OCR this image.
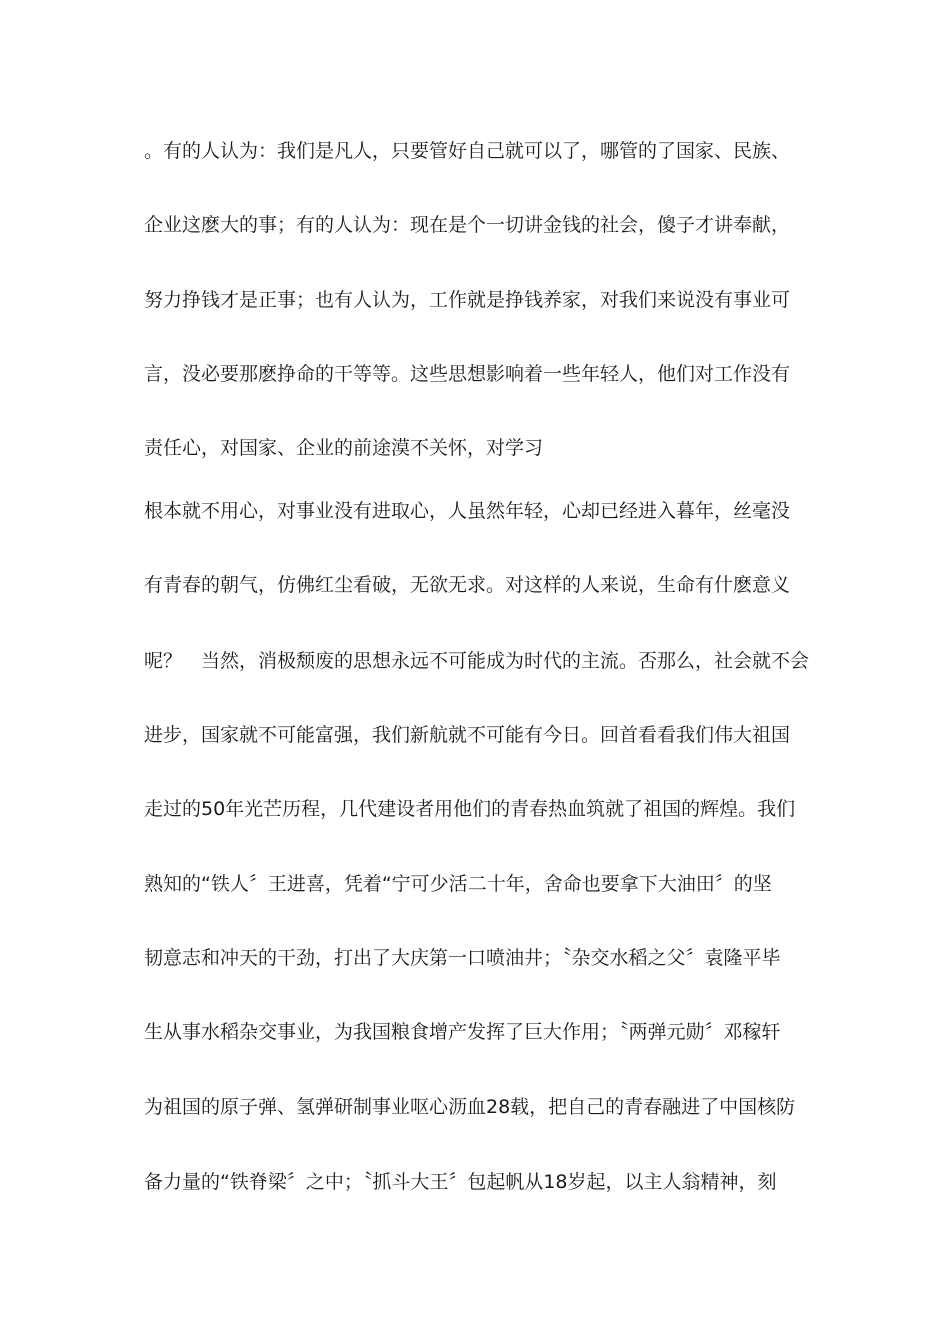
。有的人认为：我们是凡人，只要管好自己就可以了，哪管的了国家、民族、
企业这麽大的事；有的人认为：现在是个一切讲金钱的社会，傻子才讲奉献，
努力挣钱才是正事；也有人认为，工作就是挣钱养家，对我们来说没有事业可
言，没必要那麽挣命的干等等。这些思想影响着一些年轻人，他们对工作没有
责任心，对国家、企业的前途漠不关怀，对学习
根本就不用心，对事业没有进取心，人虽然年轻，心却已经进入暮年，丝毫没
有青春的朝气，仿佛红尘看破，无欲无求。对这样的人来说，生命有什麽意义
呢？　当然，消极颓废的思想永远不可能成为时代的主流。否那么，社会就不会
进步，国家就不可能富强，我们新航就不可能有今日。回首看看我们伟大祖国
走过的50年光芒历程，几代建设者用他们的青春热血筑就了祖国的辉煌。我们
熟知的“铁人〞王进喜，凭着“宁可少活二十年，舍命也要拿下大油田〞的坚
韧意志和冲天的干劲，打出了大庆第一口喷油井；〝杂交水稻之父〞袁隆平毕
生从事水稻杂交事业，为我国粮食增产发挥了巨大作用；〝两弹元勋〞邓稼轩
为祖国的原子弹、氢弹研制事业呕心沥血28载，把自己的青春融进了中国核防
备力量的“铁脊梁〞之中；〝抓斗大王〞包起帆从18岁起，以主人翁精神，刻
